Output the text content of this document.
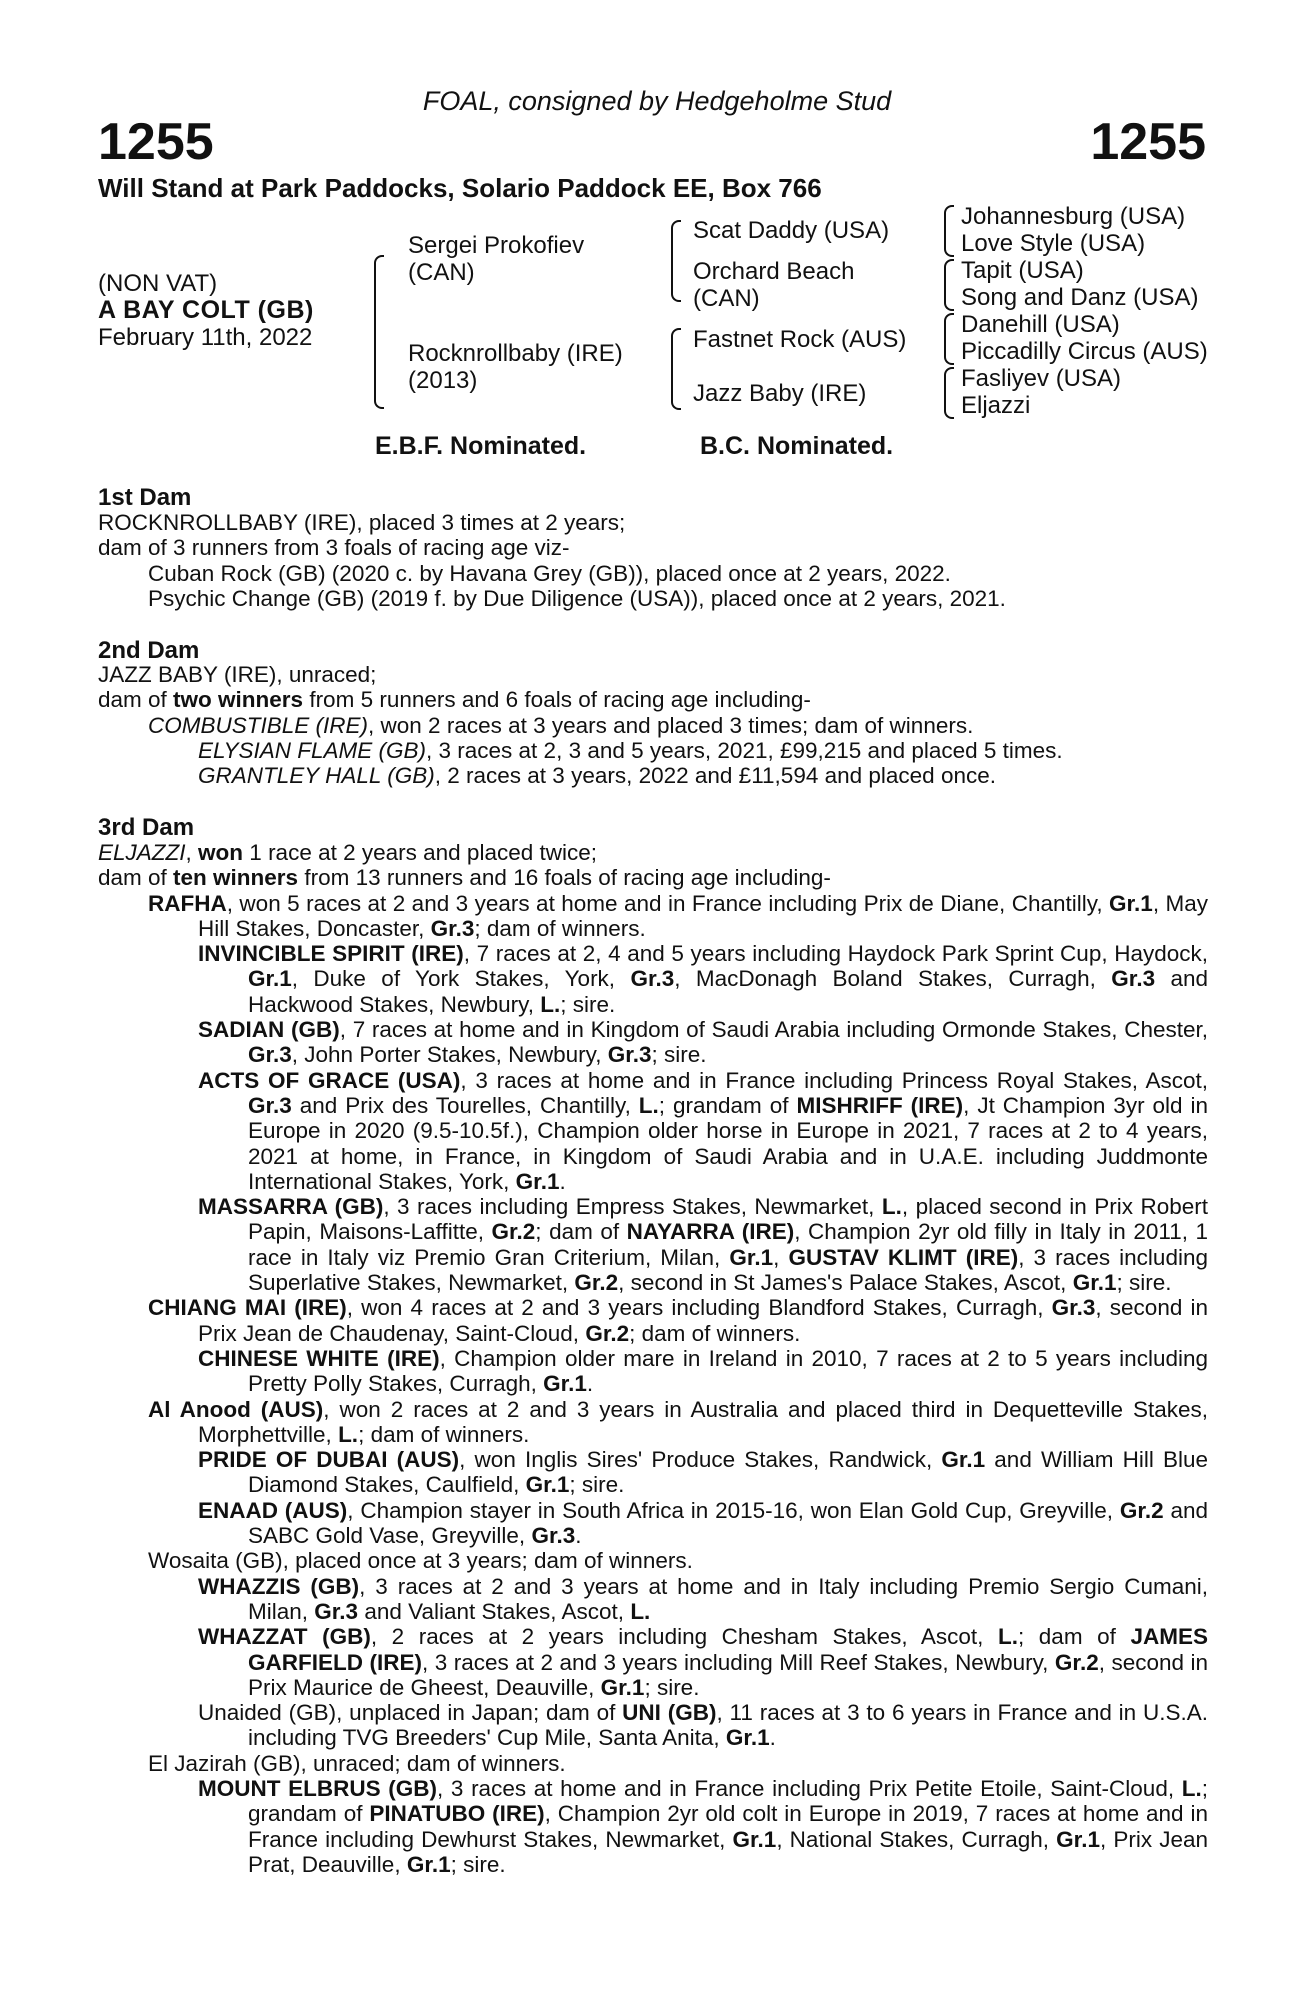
FOAL, consigned by Hedgeholme Stud
1255	1255
Will Stand at Park Paddocks, Solario Paddock EE, Box 766
(NON VAT)
A BAY COLT (GB)
February 11th, 2022
Sergei Prokofiev
(CAN)
Rocknrollbaby (IRE)
(2013)
Scat Daddy (USA)
Orchard Beach
(CAN)
Fastnet Rock (AUS)
Jazz Baby (IRE)
Johannesburg (USA)
Love Style (USA)
Tapit (USA)
Song and Danz (USA)
Danehill (USA)
Piccadilly Circus (AUS)
Fasliyev (USA)
Eljazzi
E.B.F. Nominated.	B.C. Nominated.
1st Dam
ROCKNROLLBABY (IRE), placed 3 times at 2 years;
dam of 3 runners from 3 foals of racing age viz-
Cuban Rock (GB) (2020 c. by Havana Grey (GB)), placed once at 2 years, 2022.
Psychic Change (GB) (2019 f. by Due Diligence (USA)), placed once at 2 years, 2021.
2nd Dam
JAZZ BABY (IRE), unraced;
dam of two winners from 5 runners and 6 foals of racing age including-
COMBUSTIBLE (IRE), won 2 races at 3 years and placed 3 times; dam of winners.
ELYSIAN FLAME (GB), 3 races at 2, 3 and 5 years, 2021, £99,215 and placed 5 times.
GRANTLEY HALL (GB), 2 races at 3 years, 2022 and £11,594 and placed once.
3rd Dam
ELJAZZI, won 1 race at 2 years and placed twice;
dam of ten winners from 13 runners and 16 foals of racing age including-

RAFHA, won 5 races at 2 and 3 years at home and in France including Prix de Diane, Chantilly, Gr.1, May Hill Stakes, Doncaster, Gr.3; dam of winners.

INVINCIBLE SPIRIT (IRE), 7 races at 2, 4 and 5 years including Haydock Park Sprint Cup, Haydock, Gr.1, Duke of York Stakes, York, Gr.3, MacDonagh Boland Stakes, Curragh, Gr.3 and Hackwood Stakes, Newbury, L.; sire.

SADIAN (GB), 7 races at home and in Kingdom of Saudi Arabia including Ormonde Stakes, Chester, Gr.3, John Porter Stakes, Newbury, Gr.3; sire.

ACTS OF GRACE (USA), 3 races at home and in France including Princess Royal Stakes, Ascot, Gr.3 and Prix des Tourelles, Chantilly, L.; grandam of MISHRIFF (IRE), Jt Champion 3yr old in Europe in 2020 (9.5-10.5f.), Champion older horse in Europe in 2021, 7 races at 2 to 4 years, 2021 at home, in France, in Kingdom of Saudi Arabia and in U.A.E. including Juddmonte International Stakes, York, Gr.1.

MASSARRA (GB), 3 races including Empress Stakes, Newmarket, L., placed second in Prix Robert Papin, Maisons-Laffitte, Gr.2; dam of NAYARRA (IRE), Champion 2yr old filly in Italy in 2011, 1 race in Italy viz Premio Gran Criterium, Milan, Gr.1, GUSTAV KLIMT (IRE), 3 races including Superlative Stakes, Newmarket, Gr.2, second in St James's Palace Stakes, Ascot, Gr.1; sire.

CHIANG MAI (IRE), won 4 races at 2 and 3 years including Blandford Stakes, Curragh, Gr.3, second in Prix Jean de Chaudenay, Saint-Cloud, Gr.2; dam of winners.

CHINESE WHITE (IRE), Champion older mare in Ireland in 2010, 7 races at 2 to 5 years including Pretty Polly Stakes, Curragh, Gr.1.

Al Anood (AUS), won 2 races at 2 and 3 years in Australia and placed third in Dequetteville Stakes, Morphettville, L.; dam of winners.

PRIDE OF DUBAI (AUS), won Inglis Sires' Produce Stakes, Randwick, Gr.1 and William Hill Blue Diamond Stakes, Caulfield, Gr.1; sire.

ENAAD (AUS), Champion stayer in South Africa in 2015-16, won Elan Gold Cup, Greyville, Gr.2 and SABC Gold Vase, Greyville, Gr.3.

Wosaita (GB), placed once at 3 years; dam of winners.

WHAZZIS (GB), 3 races at 2 and 3 years at home and in Italy including Premio Sergio Cumani, Milan, Gr.3 and Valiant Stakes, Ascot, L.

WHAZZAT (GB), 2 races at 2 years including Chesham Stakes, Ascot, L.; dam of JAMES GARFIELD (IRE), 3 races at 2 and 3 years including Mill Reef Stakes, Newbury, Gr.2, second in Prix Maurice de Gheest, Deauville, Gr.1; sire.

Unaided (GB), unplaced in Japan; dam of UNI (GB), 11 races at 3 to 6 years in France and in U.S.A. including TVG Breeders' Cup Mile, Santa Anita, Gr.1.

El Jazirah (GB), unraced; dam of winners.

MOUNT ELBRUS (GB), 3 races at home and in France including Prix Petite Etoile, Saint-Cloud, L.; grandam of PINATUBO (IRE), Champion 2yr old colt in Europe in 2019, 7 races at home and in France including Dewhurst Stakes, Newmarket, Gr.1, National Stakes, Curragh, Gr.1, Prix Jean Prat, Deauville, Gr.1; sire.
